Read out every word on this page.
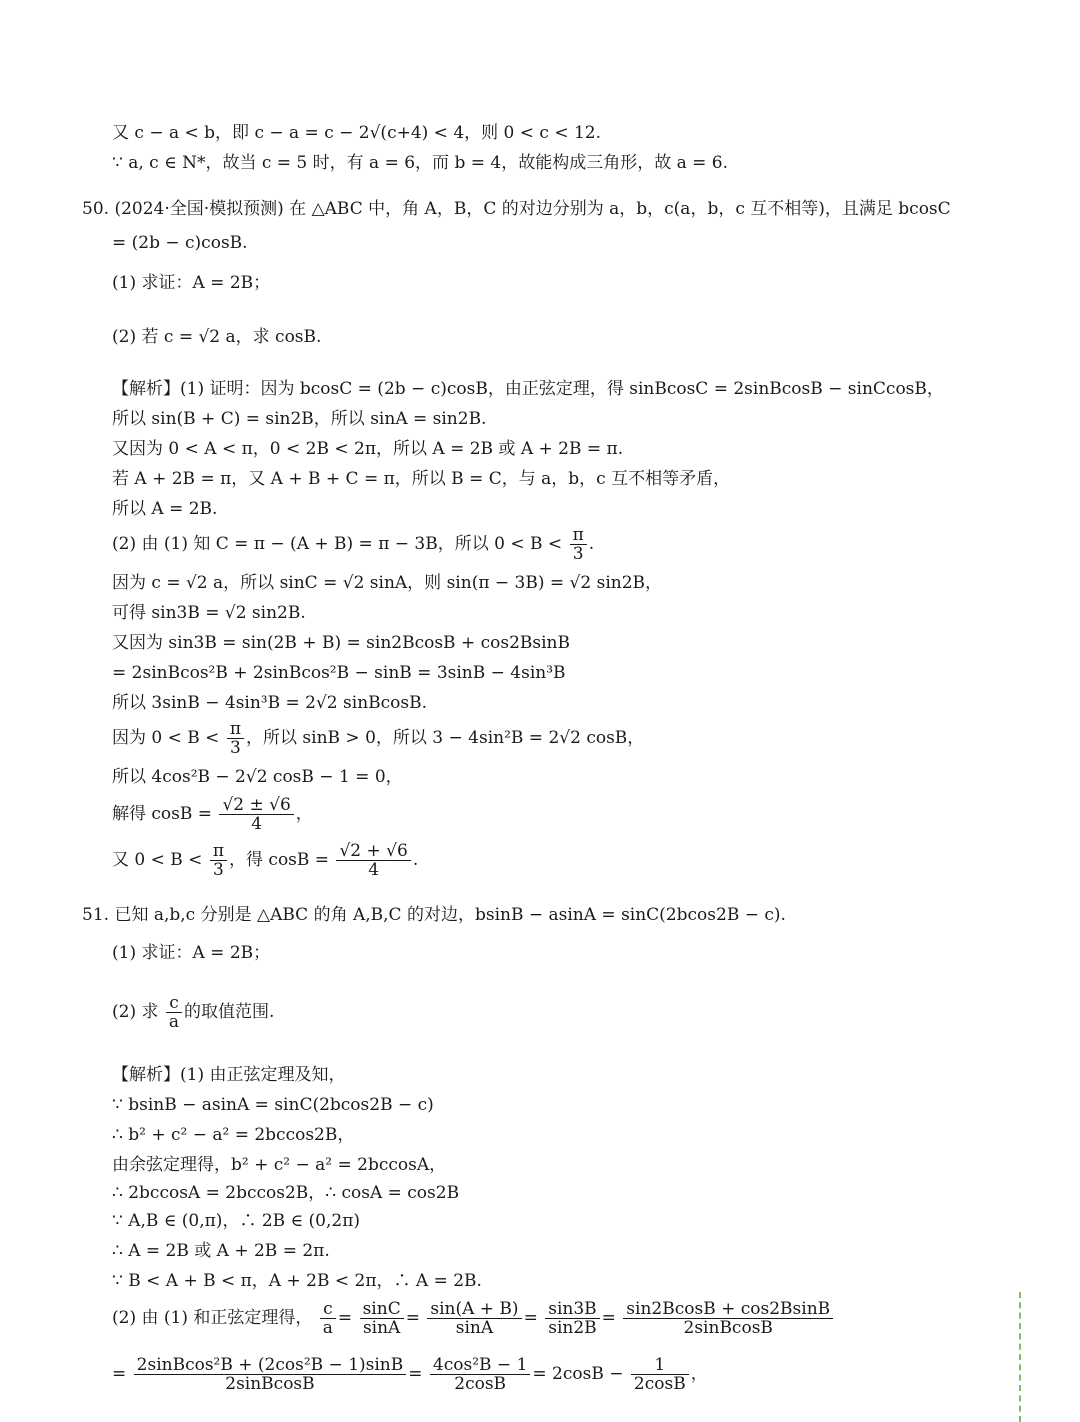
又 c − a < b，即 c − a = c − 2√(c+4) < 4，则 0 < c < 12.
∵ a, c ∈ N*，故当 c = 5 时，有 a = 6，而 b = 4，故能构成三角形，故 a = 6.
50. (2024·全国·模拟预测) 在 △ABC 中，角 A，B，C 的对边分别为 a，b，c(a，b，c 互不相等)，且满足 bcosC
= (2b − c)cosB.
(1) 求证：A = 2B；
(2) 若 c = √2 a，求 cosB.
【解析】(1) 证明：因为 bcosC = (2b − c)cosB，由正弦定理，得 sinBcosC = 2sinBcosB − sinCcosB，
所以 sin(B + C) = sin2B，所以 sinA = sin2B.
又因为 0 < A < π，0 < 2B < 2π，所以 A = 2B 或 A + 2B = π.
若 A + 2B = π，又 A + B + C = π，所以 B = C，与 a，b，c 互不相等矛盾，
所以 A = 2B.
(2) 由 (1) 知 C = π − (A + B) = π − 3B，所以 $0 < B < \frac{\pi}{3}$ .
因为 c = √2 a，所以 sinC = √2 sinA，则 sin(π − 3B) = √2 sin2B，
可得 sin3B = √2 sin2B.
又因为 sin3B = sin(2B + B) = sin2BcosB + cos2BsinB
= 2sinBcos²B + 2sinBcos²B − sinB = 3sinB − 4sin³B
所以 3sinB − 4sin³B = 2√2 sinBcosB.
因为 $0 < B < \frac{\pi}{3}$ ，所以 sinB > 0，所以 3 − 4sin²B = 2√2 cosB，
所以 4cos²B − 2√2 cosB − 1 = 0，
解得 $\cos B = \frac{√2 \pm √6}{4}$ ，
又 $0 < B < \frac{\pi}{3}$ ，得 $\cos B = \frac{√2 + √6}{4}$ .
51. 已知 a,b,c 分别是 △ABC 的角 A,B,C 的对边，bsinB − asinA = sinC(2bcos2B − c).
(1) 求证：A = 2B；
(2) 求 $\frac{c}{a}$ 的取值范围.
【解析】(1) 由正弦定理及知，
∵ bsinB − asinA = sinC(2bcos2B − c)
∴ b² + c² − a² = 2bccos2B，
由余弦定理得，b² + c² − a² = 2bccosA，
∴ 2bccosA = 2bccos2B，∴ cosA = cos2B
∵ A,B ∈ (0,π)，∴ 2B ∈ (0,2π)
∴ A = 2B 或 A + 2B = 2π.
∵ B < A + B < π，A + 2B < 2π，∴ A = 2B.
(2) 由 (1) 和正弦定理得， $\frac{c}{a} = \frac{\sin C}{\sin A} = \frac{\sin(A + B)}{\sin A} = \frac{\sin 3B}{\sin 2B} = \frac{\sin 2BcosB + \cos 2BsinB}{\text{2sinBcosB}}$
= $\frac{\text{2sinBcos²B + (2cos²B − 1)sinB}}{\text{2sinBcosB}} = \frac{\text{4cos²B − 1}}{2\cos B} = 2\cos B - \frac{1}{2\cos B}$ ，
